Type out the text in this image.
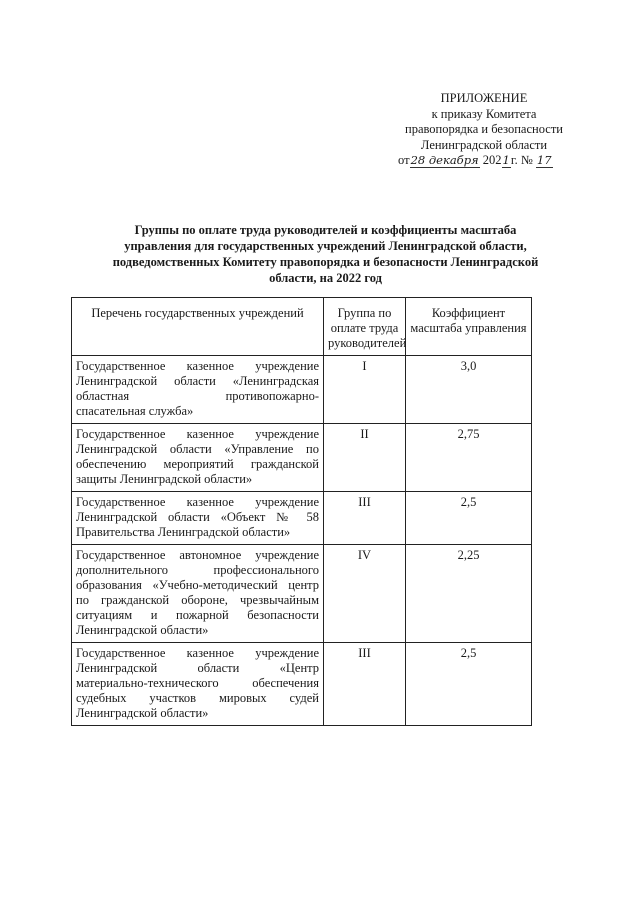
ПРИЛОЖЕНИЕ
к приказу Комитета
правопорядка и безопасности
Ленинградской области
от28 декабря 2021г. № 17
Группы по оплате труда руководителей и коэффициенты масштаба
управления для государственных учреждений Ленинградской области,
подведомственных Комитету правопорядка и безопасности Ленинградской
области, на 2022 год
Перечень государственных учреждений	Группа по оплате труда руководителей	Коэффициент масштаба управления
Государственное казенное учреждение Ленинградской области «Ленинградская областная противопожарно-
спасательная служба»	I	3,0
Государственное казенное учреждение Ленинградской области «Управление по обеспечению мероприятий гражданской
защиты Ленинградской области»	II	2,75
Государственное казенное учреждение Ленинградской области «Объект № 58
Правительства Ленинградской области»	III	2,5
Государственное автономное учреждение дополнительного профессионального образования «Учебно-методический центр по гражданской обороне, чрезвычайным ситуациям и пожарной безопасности
Ленинградской области»	IV	2,25
Государственное казенное учреждение Ленинградской области «Центр материально-технического обеспечения судебных участков мировых судей
Ленинградской области»	III	2,5
